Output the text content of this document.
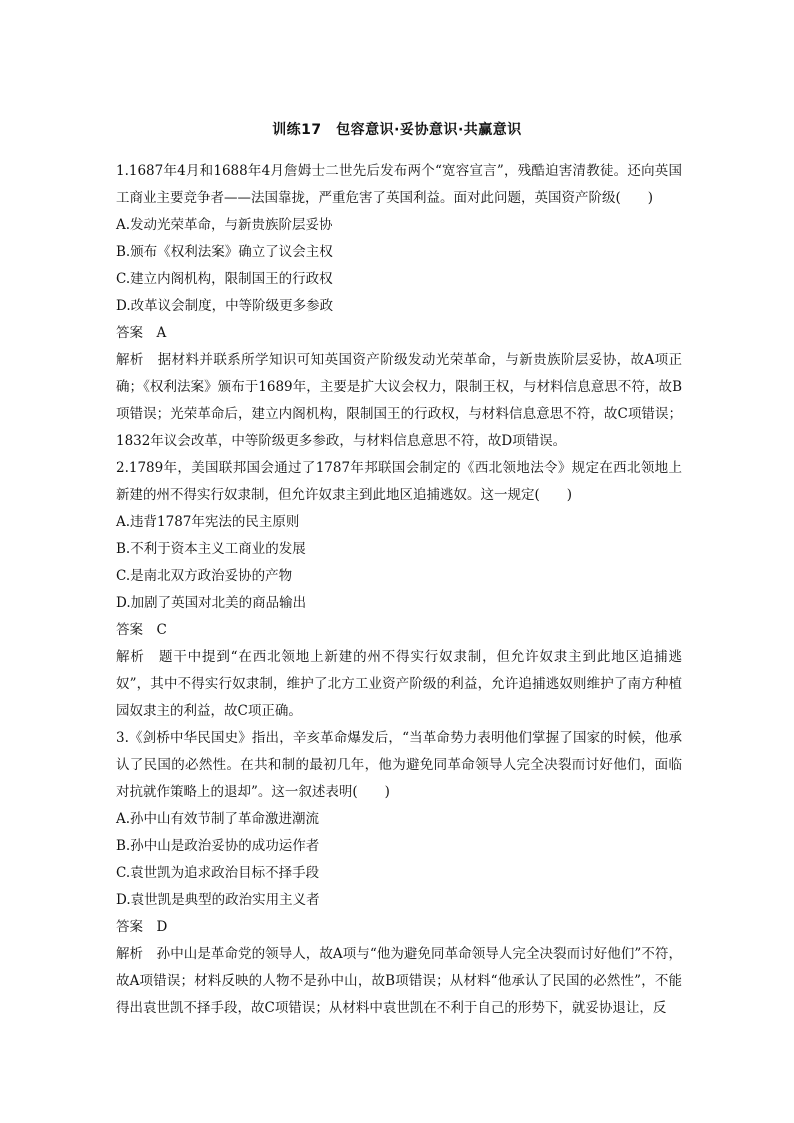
训练17　包容意识·妥协意识·共赢意识

1.1687年4月和1688年4月詹姆士二世先后发布两个“宽容宣言”，残酷迫害清教徒。还向英国工商业主要竞争者——法国靠拢，严重危害了英国利益。面对此问题，英国资产阶级(　　)

A.发动光荣革命，与新贵族阶层妥协

B.颁布《权利法案》确立了议会主权

C.建立内阁机构，限制国王的行政权

D.改革议会制度，中等阶级更多参政

答案　A

解析　据材料并联系所学知识可知英国资产阶级发动光荣革命，与新贵族阶层妥协，故A项正确；《权利法案》颁布于1689年，主要是扩大议会权力，限制王权，与材料信息意思不符，故B项错误；光荣革命后，建立内阁机构，限制国王的行政权，与材料信息意思不符，故C项错误；1832年议会改革，中等阶级更多参政，与材料信息意思不符，故D项错误。

2.1789年，美国联邦国会通过了1787年邦联国会制定的《西北领地法令》规定在西北领地上新建的州不得实行奴隶制，但允许奴隶主到此地区追捕逃奴。这一规定(　　)

A.违背1787年宪法的民主原则

B.不利于资本主义工商业的发展

C.是南北双方政治妥协的产物

D.加剧了英国对北美的商品输出

答案　C

解析　题干中提到“在西北领地上新建的州不得实行奴隶制，但允许奴隶主到此地区追捕逃奴”，其中不得实行奴隶制，维护了北方工业资产阶级的利益，允许追捕逃奴则维护了南方种植园奴隶主的利益，故C项正确。

3.《剑桥中华民国史》指出，辛亥革命爆发后，“当革命势力表明他们掌握了国家的时候，他承认了民国的必然性。在共和制的最初几年，他为避免同革命领导人完全决裂而讨好他们，面临对抗就作策略上的退却”。这一叙述表明(　　)

A.孙中山有效节制了革命激进潮流

B.孙中山是政治妥协的成功运作者

C.袁世凯为追求政治目标不择手段

D.袁世凯是典型的政治实用主义者

答案　D

解析　孙中山是革命党的领导人，故A项与“他为避免同革命领导人完全决裂而讨好他们”不符，故A项错误；材料反映的人物不是孙中山，故B项错误；从材料“他承认了民国的必然性”，不能得出袁世凯不择手段，故C项错误；从材料中袁世凯在不利于自己的形势下，就妥协退让，反
